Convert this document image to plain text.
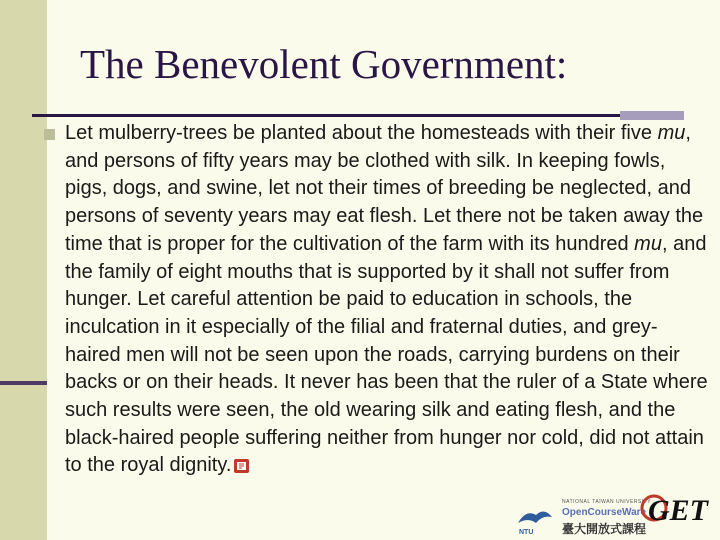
The Benevolent Government:
Let mulberry-trees be planted about the homesteads with their five mu, and persons of fifty years may be clothed with silk. In keeping fowls, pigs, dogs, and swine, let not their times of breeding be neglected, and persons of seventy years may eat flesh. Let there not be taken away the time that is proper for the cultivation of the farm with its hundred mu, and the family of eight mouths that is supported by it shall not suffer from hunger. Let careful attention be paid to education in schools, the inculcation in it especially of the filial and fraternal duties, and grey-haired men will not be seen upon the roads, carrying burdens on their backs or on their heads. It never has been that the ruler of a State where such results were seen, the old wearing silk and eating flesh, and the black-haired people suffering neither from hunger nor cold, did not attain to the royal dignity.
NTU
NATIONAL TAIWAN UNIVERSITY
OpenCourseWare
臺大開放式課程
GET
